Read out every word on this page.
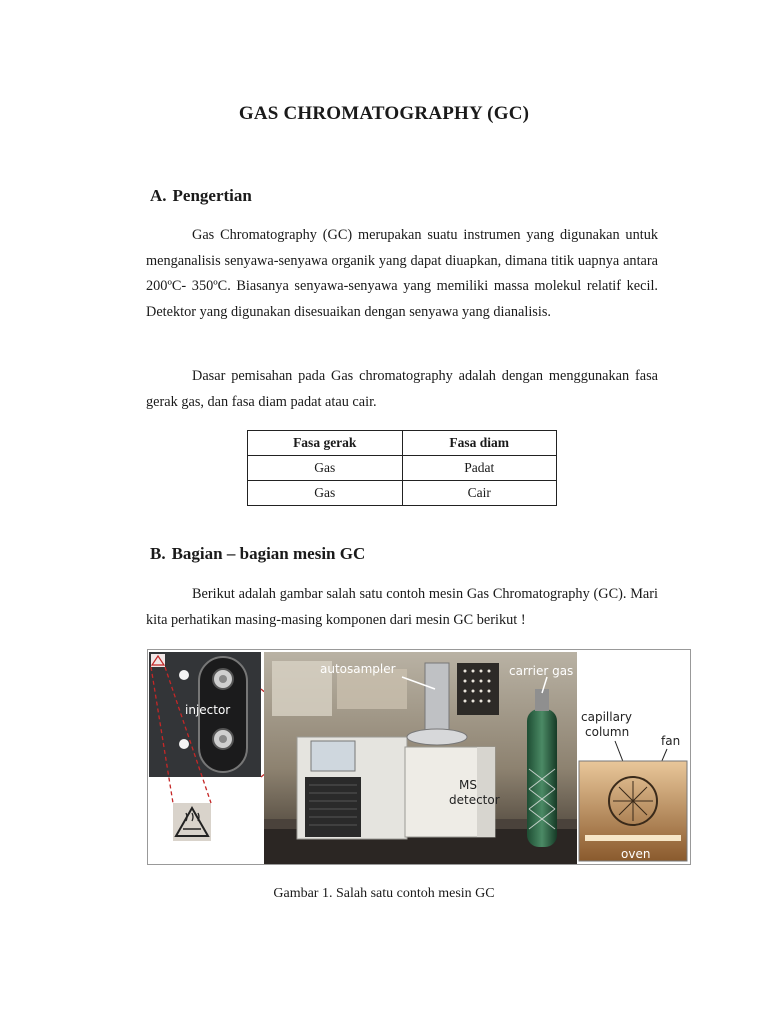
GAS CHROMATOGRAPHY (GC)
A. Pengertian

Gas Chromatography (GC) merupakan suatu instrumen yang digunakan untuk menganalisis senyawa-senyawa organik yang dapat diuapkan, dimana titik uapnya antara 200ºC- 350ºC. Biasanya senyawa-senyawa yang memiliki massa molekul relatif kecil. Detektor yang digunakan disesuaikan dengan senyawa yang dianalisis.

Dasar pemisahan pada Gas chromatography adalah dengan menggunakan fasa gerak gas, dan fasa diam padat atau cair.

Fasa gerak	Fasa diam
Gas	Padat
Gas	Cair
B. Bagian – bagian mesin GC

Berikut adalah gambar salah satu contoh mesin Gas Chromatography (GC). Mari kita perhatikan masing-masing komponen dari mesin GC berikut !

injector
autosampler	carrier gas
MS detector
capillary column
fan
oven
Gambar 1. Salah satu contoh mesin GC
